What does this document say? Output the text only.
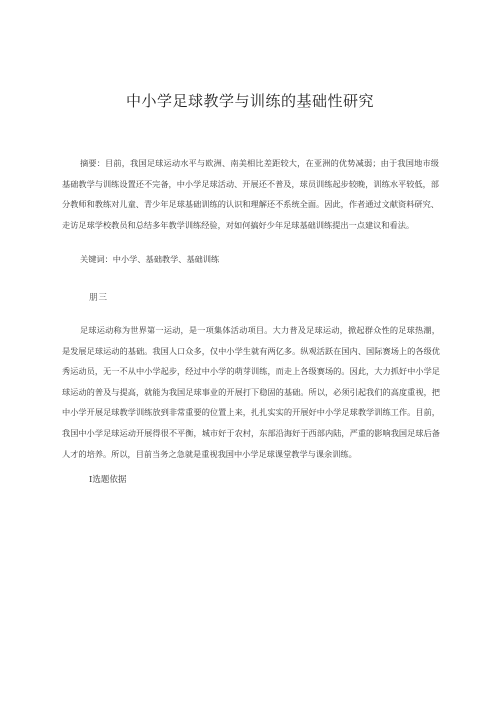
中小学足球教学与训练的基础性研究
摘要：目前，我国足球运动水平与欧洲、南美相比差距较大，在亚洲的优势减弱；由于我国地市级基础教学与训练设置还不完备，中小学足球活动、开展还不普及，球员训练起步较晚，训练水平较低，部分教师和教练对儿童、青少年足球基础训练的认识和理解还不系统全面。因此，作者通过文献资料研究、走访足球学校教员和总结多年教学训练经验，对如何搞好少年足球基础训练提出一点建议和看法。
关键词：中小学、基础教学、基础训练
朋三
足球运动称为世界第一运动，是一项集体活动项目。大力普及足球运动，掀起群众性的足球热潮，是发展足球运动的基础。我国人口众多，仅中小学生就有两亿多。纵观活跃在国内、国际赛场上的各级优秀运动员，无一不从中小学起步，经过中小学的萌芽训练，而走上各级赛场的。因此，大力抓好中小学足球运动的普及与提高，就能为我国足球事业的开展打下稳固的基础。所以，必须引起我们的高度重视，把中小学开展足球教学训练放到非常重要的位置上来，扎扎实实的开展好中小学足球教学训练工作。目前，我国中小学足球运动开展得很不平衡，城市好于农村，东部沿海好于西部内陆，严重的影响我国足球后备人才的培养。所以，目前当务之急就是重视我国中小学足球课堂教学与课余训练。
Ⅰ选题依据
